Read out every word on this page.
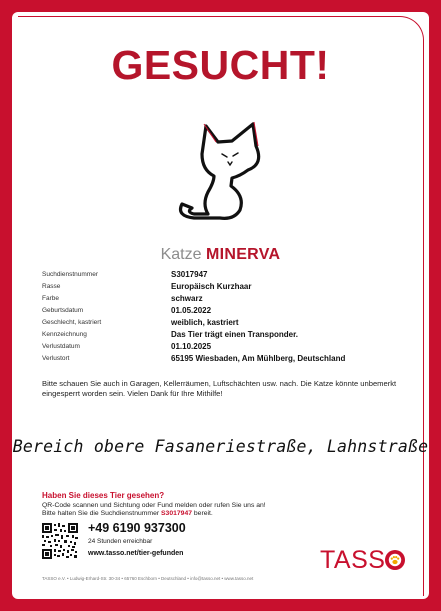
GESUCHT!
Katze MINERVA
Suchdienstnummer	S3017947
Rasse	Europäisch Kurzhaar
Farbe	schwarz
Geburtsdatum	01.05.2022
Geschlecht, kastriert	weiblich, kastriert
Kennzeichnung	Das Tier trägt einen Transponder.
Verlustdatum	01.10.2025
Verlustort	65195 Wiesbaden, Am Mühlberg, Deutschland
Bitte schauen Sie auch in Garagen, Kellerräumen, Luftschächten usw. nach. Die Katze könnte unbemerkt eingesperrt worden sein. Vielen Dank für Ihre Mithilfe!
Bereich obere Fasaneriestraße, Lahnstraße
Haben Sie dieses Tier gesehen?
QR-Code scannen und Sichtung oder Fund melden oder rufen Sie uns an!
Bitte halten Sie die Suchdienstnummer S3017947 bereit.
+49 6190 937300
24 Stunden erreichbar
www.tasso.net/tier-gefunden
TASSO e.V. • Ludwig-Erhard-Str. 30-34 • 65760 Eschborn • Deutschland • info@tasso.net • www.tasso.net
TASS
